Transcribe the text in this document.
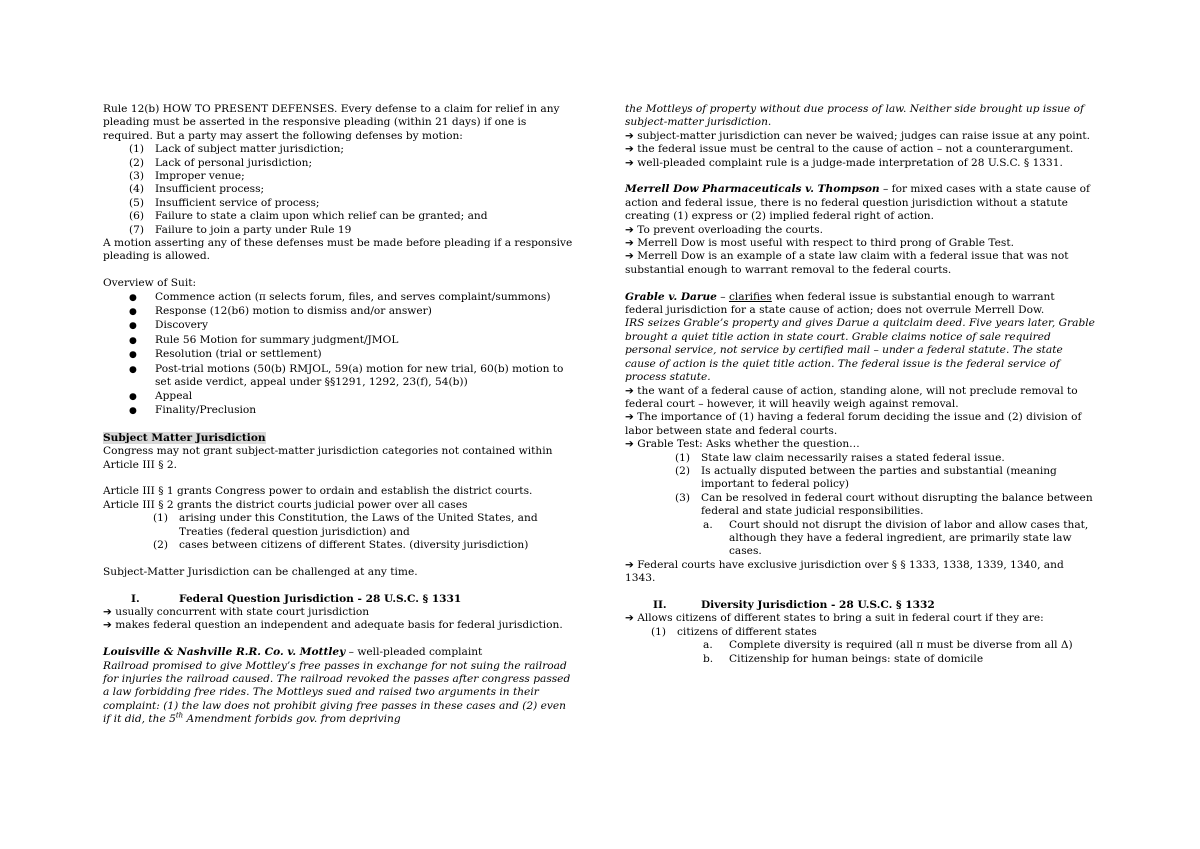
Rule 12(b) HOW TO PRESENT DEFENSES. Every defense to a claim for relief in any pleading must be asserted in the responsive pleading (within 21 days) if one is required. But a party may assert the following defenses by motion:

(1)	Lack of subject matter jurisdiction;
(2)	Lack of personal jurisdiction;
(3)	Improper venue;
(4)	Insufficient process;
(5)	Insufficient service of process;
(6)	Failure to state a claim upon which relief can be granted; and
(7)	Failure to join a party under Rule 19

A motion asserting any of these defenses must be made before pleading if a responsive pleading is allowed.

Overview of Suit:

●
Commence action (π selects forum, files, and serves complaint/summons)
●
Response (12(b6) motion to dismiss and/or answer)
●
Discovery
●
Rule 56 Motion for summary judgment/JMOL
●
Resolution (trial or settlement)
●
Post-trial motions (50(b) RMJOL, 59(a) motion for new trial, 60(b) motion to set aside verdict, appeal under §§1291, 1292, 23(f), 54(b))
●
Appeal
●
Finality/Preclusion

Subject Matter Jurisdiction

Congress may not grant subject-matter jurisdiction categories not contained within Article III § 2.

Article III § 1 grants Congress power to ordain and establish the district courts.

Article III § 2 grants the district courts judicial power over all cases

(1)	arising under this Constitution, the Laws of the United States, and Treaties (federal question jurisdiction) and
(2)	cases between citizens of different States. (diversity jurisdiction)

Subject-Matter Jurisdiction can be challenged at any time.

I.	Federal Question Jurisdiction - 28 U.S.C. § 1331

➔ usually concurrent with state court jurisdiction

➔ makes federal question an independent and adequate basis for federal jurisdiction.

Louisville & Nashville R.R. Co. v. Mottley – well-pleaded complaint

Railroad promised to give Mottley’s free passes in exchange for not suing the railroad for injuries the railroad caused. The railroad revoked the passes after congress passed a law forbidding free rides. The Mottleys sued and raised two arguments in their complaint: (1) the law does not prohibit giving free passes in these cases and (2) even if it did, the 5th Amendment forbids gov. from depriving

the Mottleys of property without due process of law. Neither side brought up issue of subject-matter jurisdiction.

➔ subject-matter jurisdiction can never be waived; judges can raise issue at any point.

➔ the federal issue must be central to the cause of action – not a counterargument.

➔ well-pleaded complaint rule is a judge-made interpretation of 28 U.S.C. § 1331.

Merrell Dow Pharmaceuticals v. Thompson – for mixed cases with a state cause of action and federal issue, there is no federal question jurisdiction without a statute creating (1) express or (2) implied federal right of action.

➔ To prevent overloading the courts.

➔ Merrell Dow is most useful with respect to third prong of Grable Test.

➔ Merrell Dow is an example of a state law claim with a federal issue that was not substantial enough to warrant removal to the federal courts.

Grable v. Darue – clarifies when federal issue is substantial enough to warrant federal jurisdiction for a state cause of action; does not overrule Merrell Dow.

IRS seizes Grable’s property and gives Darue a quitclaim deed. Five years later, Grable brought a quiet title action in state court. Grable claims notice of sale required personal service, not service by certified mail – under a federal statute. The state cause of action is the quiet title action. The federal issue is the federal service of process statute.

➔ the want of a federal cause of action, standing alone, will not preclude removal to federal court – however, it will heavily weigh against removal.

➔ The importance of (1) having a federal forum deciding the issue and (2) division of labor between state and federal courts.

➔ Grable Test: Asks whether the question…

(1)	State law claim necessarily raises a stated federal issue.
(2)	Is actually disputed between the parties and substantial (meaning important to federal policy)
(3)	Can be resolved in federal court without disrupting the balance between federal and state judicial responsibilities.
a.	Court should not disrupt the division of labor and allow cases that, although they have a federal ingredient, are primarily state law cases.

➔ Federal courts have exclusive jurisdiction over § § 1333, 1338, 1339, 1340, and 1343.

II.	Diversity Jurisdiction - 28 U.S.C. § 1332

➔ Allows citizens of different states to bring a suit in federal court if they are:

(1)	citizens of different states
a.	Complete diversity is required (all π must be diverse from all Δ)
b.	Citizenship for human beings: state of domicile
